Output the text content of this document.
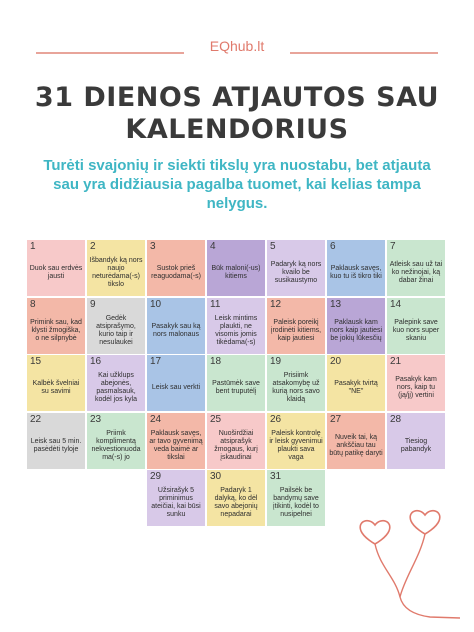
EQhub.lt
31 DIENOS ATJAUTOS SAU KALENDORIUS
Turėti svajonių ir siekti tikslų yra nuostabu, bet atjauta sau yra didžiausia pagalba tuomet, kai kelias tampa nelygus.
1
Duok sau erdvės jausti
2
Išbandyk ką nors naujo neturėdama(-s) tikslo
3
Sustok prieš reaguodama(-s)
4
Būk malonі(-us) kitiems
5
Padaryk ką nors kvailo be susikaustymo
6
Paklausk savęs, kuo tu iš tikro tiki
7
Atleisk sau už tai ko nežinojai, ką dabar žinai
8
Primink sau, kad klysti žmogiška, o ne silpnybė
9
Gedėk atsiprašymo, kurio taip ir nesulaukei
10
Pasakyk sau ką nors malonaus
11
Leisk mintims plaukti, ne visomis jomis tikėdama(-s)
12
Paleisk poreikį įrodinėti kitiems, kaip jautiesi
13
Paklausk kam nors kaip jautiesi be jokių lūkesčių
14
Palepink save kuo nors super skaniu
15
Kalbėk švelniai su savimi
16
Kai užklups abejonės, pasmalsauk, kodėl jos kyla
17
Leisk sau verkti
18
Pastūmėk save bent truputėlį
19
Prisiimk atsakomybę už kurią nors savo klaidą
20
Pasakyk tvirtą "NE"
21
Pasakyk kam nors, kaip tu (ją/jį) vertini
22
Leisk sau 5 min. pasėdėti tyloje
23
Priimk komplimentą nekvestionuoda ma(-s) jo
24
Paklausk savęs, ar tavo gyvenimą veda baimė ar tikslai
25
Nuoširdžiai atsiprašyk žmogaus, kurį įskaudinai
26
Paleisk kontrolę ir leisk gyvenimui plaukti sava vaga
27
Nuveik tai, ką ankščiau tau būtų patikę daryti
28
Tiesiog pabandyk
29
Užsirašyk 5 priminimus ateičiai, kai būsi sunku
30
Padaryk 1 dalyką, ko dėl savo abejonių nepadarai
31
Pailsėk be bandymų save įtikinti, kodėl to nusipelnei
